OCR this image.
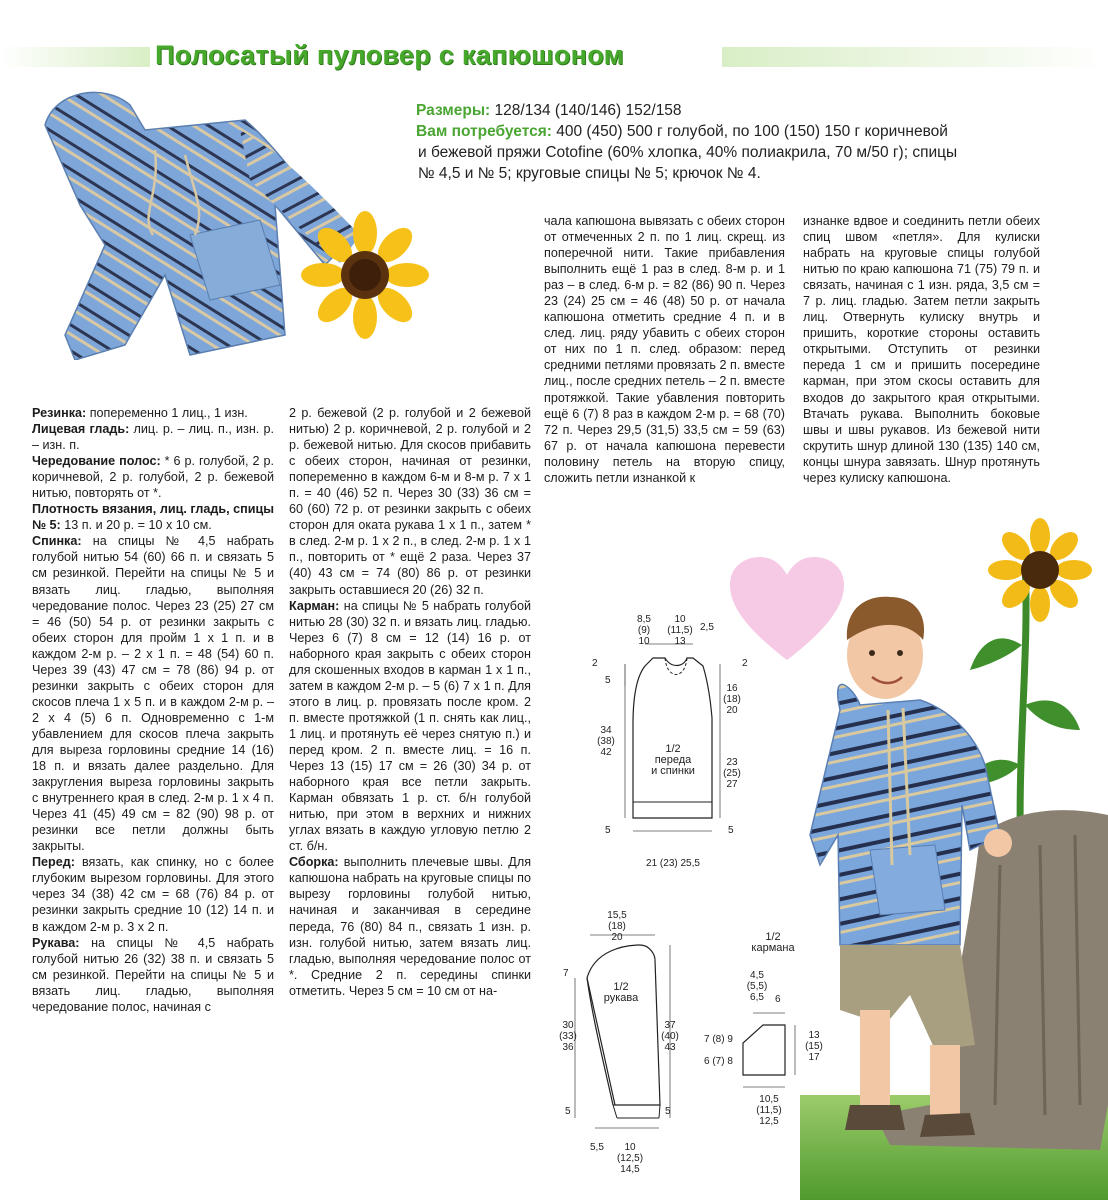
Полосатый пуловер с капюшоном
Размеры: 128/134 (140/146) 152/158
Вам потребуется: 400 (450) 500 г голубой, по 100 (150) 150 г коричневой
и бежевой пряжи Cotofine (60% хлопка, 40% полиакрила, 70 м/50 г); спицы
№ 4,5 и № 5; круговые спицы № 5; крючок № 4.

Резинка: попеременно 1 лиц., 1 изн.

Лицевая гладь: лиц. р. – лиц. п., изн. р. – изн. п.

Чередование полос: * 6 р. голубой, 2 р. коричневой, 2 р. голубой, 2 р. бежевой нитью, повторять от *.

Плотность вязания, лиц. гладь, спицы № 5: 13 п. и 20 р. = 10 х 10 см.

Спинка: на спицы № 4,5 набрать голубой нитью 54 (60) 66 п. и связать 5 см резинкой. Перейти на спицы № 5 и вязать лиц. гладью, выполняя чередование полос. Через 23 (25) 27 см = 46 (50) 54 р. от резинки закрыть с обеих сторон для пройм 1 х 1 п. и в каждом 2-м р. – 2 х 1 п. = 48 (54) 60 п. Через 39 (43) 47 см = 78 (86) 94 р. от резинки закрыть с обеих сторон для скосов плеча 1 х 5 п. и в каждом 2-м р. – 2 х 4 (5) 6 п. Одновременно с 1-м убавлением для скосов плеча закрыть для выреза горловины средние 14 (16) 18 п. и вязать далее раздельно. Для закругления выреза горловины закрыть с внутреннего края в след. 2-м р. 1 х 4 п. Через 41 (45) 49 см = 82 (90) 98 р. от резинки все петли должны быть закрыты.

Перед: вязать, как спинку, но с более глубоким вырезом горловины. Для этого через 34 (38) 42 см = 68 (76) 84 р. от резинки закрыть средние 10 (12) 14 п. и в каждом 2-м р. 3 х 2 п.

Рукава: на спицы № 4,5 набрать голубой нитью 26 (32) 38 п. и связать 5 см резинкой. Перейти на спицы № 5 и вязать лиц. гладью, выполняя чередование полос, начиная с

2 р. бежевой (2 р. голубой и 2 бежевой нитью) 2 р. коричневой, 2 р. голубой и 2 р. бежевой нитью. Для скосов прибавить с обеих сторон, начиная от резинки, попеременно в каждом 6-м и 8-м р. 7 х 1 п. = 40 (46) 52 п. Через 30 (33) 36 см = 60 (60) 72 р. от резинки закрыть с обеих сторон для оката рукава 1 х 1 п., затем * в след. 2-м р. 1 х 2 п., в след. 2-м р. 1 х 1 п., повторить от * ещё 2 раза. Через 37 (40) 43 см = 74 (80) 86 р. от резинки закрыть оставшиеся 20 (26) 32 п.

Карман: на спицы № 5 набрать голубой нитью 28 (30) 32 п. и вязать лиц. гладью. Через 6 (7) 8 см = 12 (14) 16 р. от наборного края закрыть с обеих сторон для скошенных входов в карман 1 х 1 п., затем в каждом 2-м р. – 5 (6) 7 х 1 п. Для этого в лиц. р. провязать после кром. 2 п. вместе протяжкой (1 п. снять как лиц., 1 лиц. и протянуть её через снятую п.) и перед кром. 2 п. вместе лиц. = 16 п. Через 13 (15) 17 см = 26 (30) 34 р. от наборного края все петли закрыть. Карман обвязать 1 р. ст. б/н голубой нитью, при этом в верхних и нижних углах вязать в каждую угловую петлю 2 ст. б/н.

Сборка: выполнить плечевые швы. Для капюшона набрать на круговые спицы по вырезу горловины голубой нитью, начиная и заканчивая в середине переда, 76 (80) 84 п., связать 1 изн. р. изн. голубой нитью, затем вязать лиц. гладью, выполняя чередование полос от *. Средние 2 п. середины спинки отметить. Через 5 см = 10 см от на-

чала капюшона вывязать с обеих сторон от отмеченных 2 п. по 1 лиц. скрещ. из поперечной нити. Такие прибавления выполнить ещё 1 раз в след. 8-м р. и 1 раз – в след. 6-м р. = 82 (86) 90 п. Через 23 (24) 25 см = 46 (48) 50 р. от начала капюшона отметить средние 4 п. и в след. лиц. ряду убавить с обеих сторон от них по 1 п. след. образом: перед средними петлями провязать 2 п. вместе лиц., после средних петель – 2 п. вместе протяжкой. Такие убавления повторить ещё 6 (7) 8 раз в каждом 2-м р. = 68 (70) 72 п. Через 29,5 (31,5) 33,5 см = 59 (63) 67 р. от начала капюшона перевести половину петель на вторую спицу, сложить петли изнанкой к

изнанке вдвое и соединить петли обеих спиц швом «петля». Для кулиски набрать на круговые спицы голубой нитью по краю капюшона 71 (75) 79 п. и связать, начиная с 1 изн. ряда, 3,5 см = 7 р. лиц. гладью. Затем петли закрыть лиц. Отвернуть кулиску внутрь и пришить, короткие стороны оставить открытыми. Отступить от резинки переда 1 см и пришить посередине карман, при этом скосы оставить для входов до закрытого края открытыми. Втачать рукава. Выполнить боковые швы и швы рукавов. Из бежевой нити скрутить шнур длиной 130 (135) 140 см, концы шнура завязать. Шнур протянуть через кулиску капюшона.

8,5
(9)
10
10
(11,5)
13
2,5
2
5
34
(38)
42
5
2
16
(18)
20
23
(25)
27
5
1/2
переда
и спинки
21 (23) 25,5
15,5
(18)
20
7
30
(33)
36
5
37
(40)
43
5
1/2
рукава
5,5	10
(12,5)
14,5
1/2
кармана
4,5
(5,5)
6,5	6
7 (8) 9
6 (7) 8
13
(15)
17
10,5
(11,5)
12,5
